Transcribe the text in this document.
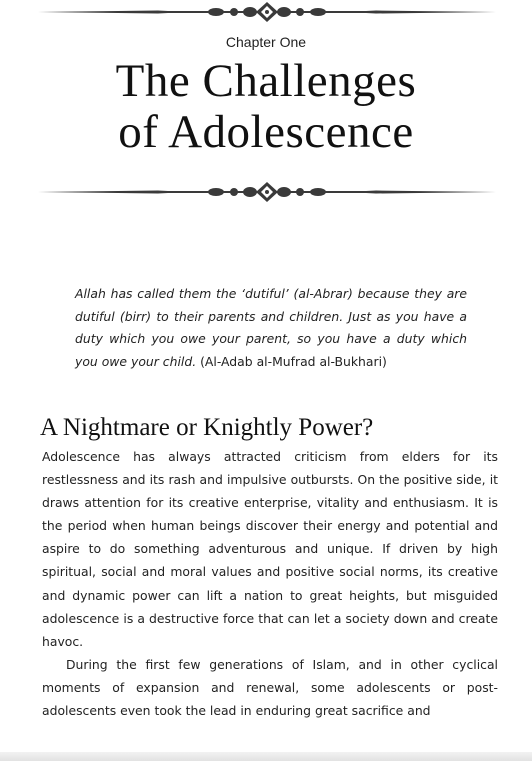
Chapter One
The Challenges
of Adolescence
Allah has called them the ‘dutiful’ (al-Abrar) because they are dutiful (birr) to their parents and children. Just as you have a duty which you owe your parent, so you have a duty which you owe your child. (Al-Adab al-Mufrad al-Bukhari)
A Nightmare or Knightly Power?

Adolescence has always attracted criticism from elders for its restlessness and its rash and impulsive outbursts. On the positive side, it draws attention for its creative enterprise, vitality and enthusiasm. It is the period when human beings discover their energy and potential and aspire to do something adventurous and unique. If driven by high spiritual, social and moral values and positive social norms, its creative and dynamic power can lift a nation to great heights, but misguided adolescence is a destructive force that can let a society down and create havoc.

During the first few generations of Islam, and in other cyclical moments of expansion and renewal, some adolescents or post-adolescents even took the lead in enduring great sacrifice and
